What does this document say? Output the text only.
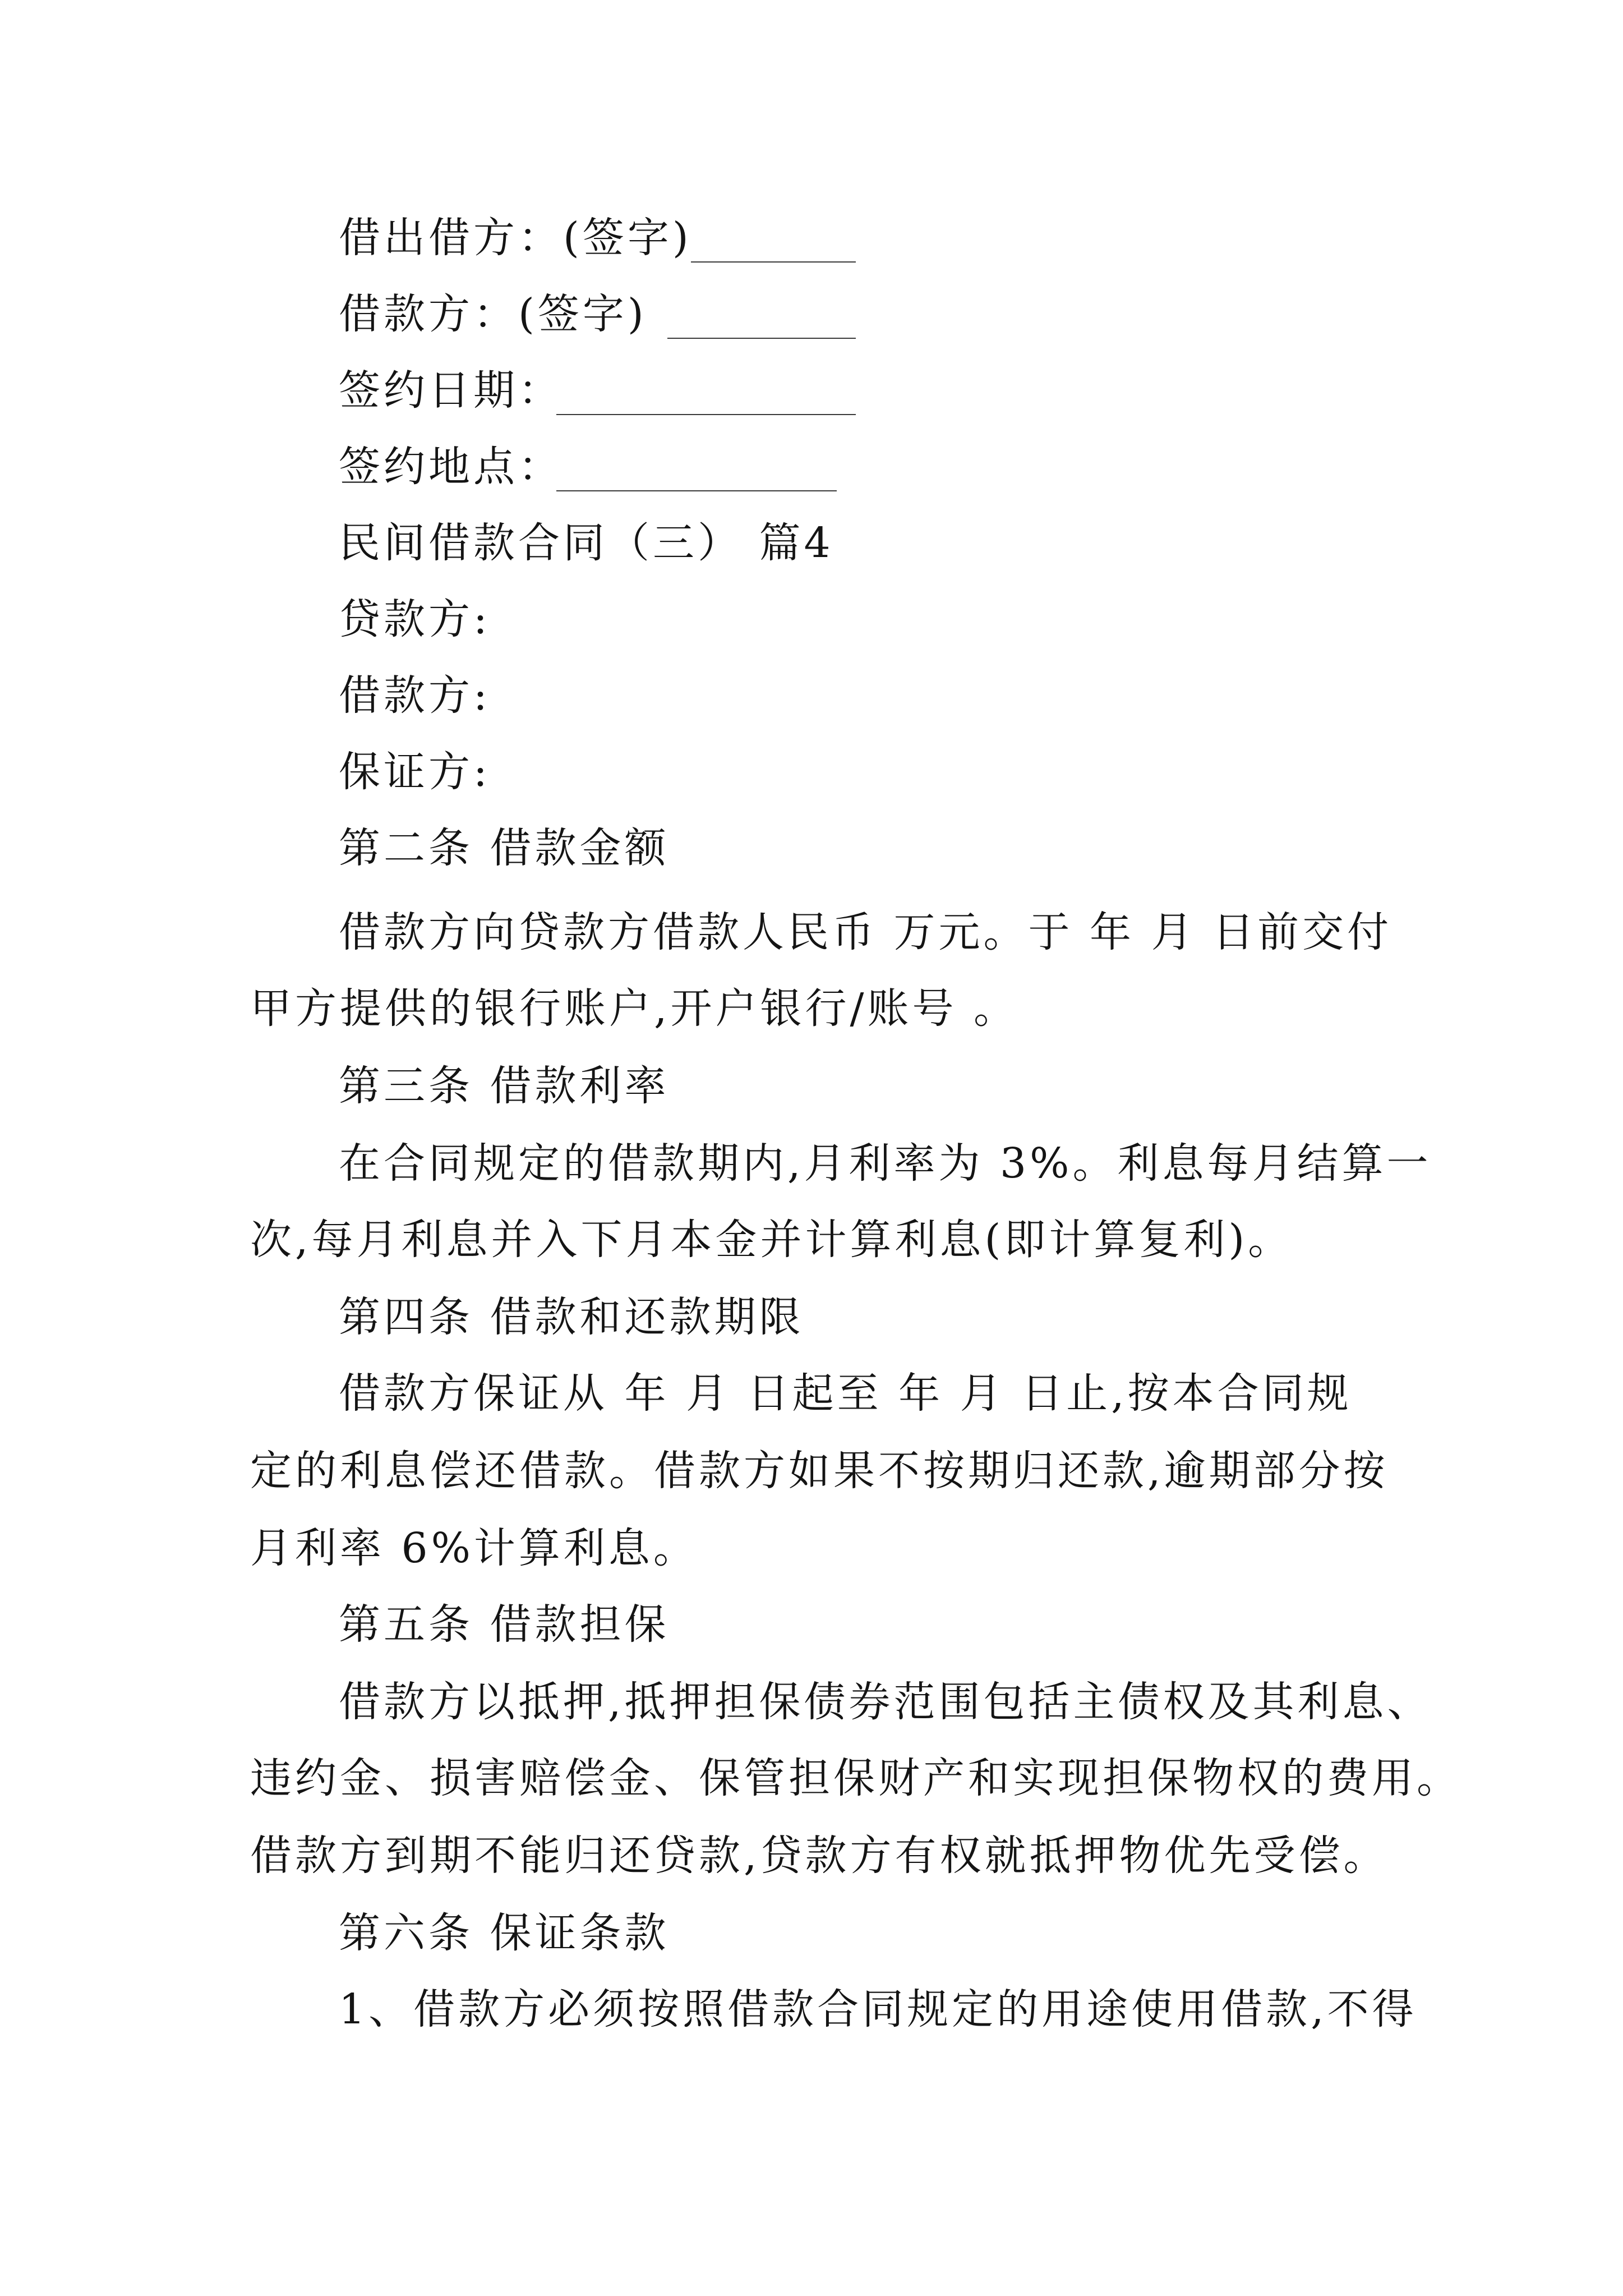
借出借方：(签字)
借款方：(签字)
签约日期：
签约地点：
民间借款合同（三） 篇4
贷款方:
借款方:
保证方:
第二条 借款金额
借款方向贷款方借款人民币 万元。于 年 月 日前交付
甲方提供的银行账户,开户银行/账号 。
第三条 借款利率
在合同规定的借款期内,月利率为 3%。利息每月结算一
次,每月利息并入下月本金并计算利息(即计算复利)。
第四条 借款和还款期限
借款方保证从 年 月 日起至 年 月 日止,按本合同规
定的利息偿还借款。借款方如果不按期归还款,逾期部分按
月利率 6%计算利息。
第五条 借款担保
借款方以抵押,抵押担保债券范围包括主债权及其利息、
违约金、损害赔偿金、保管担保财产和实现担保物权的费用。
借款方到期不能归还贷款,贷款方有权就抵押物优先受偿。
第六条 保证条款
1、借款方必须按照借款合同规定的用途使用借款,不得
